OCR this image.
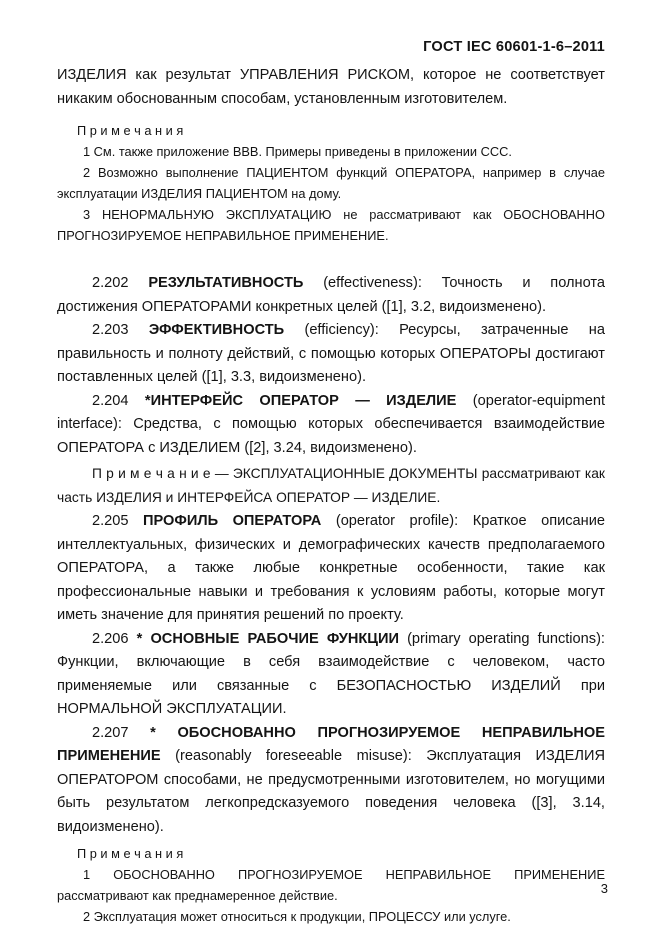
ГОСТ IEC 60601-1-6–2011

ИЗДЕЛИЯ как результат УПРАВЛЕНИЯ РИСКОМ, которое не соответствует никаким обоснованным способам, установленным изготовителем.

П р и м е ч а н и я

1 См. также приложение ВВВ. Примеры приведены в приложении ССС.

2 Возможно выполнение ПАЦИЕНТОМ функций ОПЕРАТОРА, например в случае эксплуатации ИЗДЕЛИЯ ПАЦИЕНТОМ на дому.

3 НЕНОРМАЛЬНУЮ ЭКСПЛУАТАЦИЮ не рассматривают как ОБОСНОВАННО ПРОГНОЗИРУЕМОЕ НЕПРАВИЛЬНОЕ ПРИМЕНЕНИЕ.

2.202 РЕЗУЛЬТАТИВНОСТЬ (effectiveness): Точность и полнота достижения ОПЕРАТОРАМИ конкретных целей ([1], 3.2, видоизменено).

2.203 ЭФФЕКТИВНОСТЬ (efficiency): Ресурсы, затраченные на правильность и полноту действий, с помощью которых ОПЕРАТОРЫ достигают поставленных целей ([1], 3.3, видоизменено).

2.204 *ИНТЕРФЕЙС ОПЕРАТОР — ИЗДЕЛИЕ (operator-equipment interface): Средства, с помощью которых обеспечивается взаимодействие ОПЕРАТОРА с ИЗДЕЛИЕМ ([2], 3.24, видоизменено).

П р и м е ч а н и е — ЭКСПЛУАТАЦИОННЫЕ ДОКУМЕНТЫ рассматривают как часть ИЗДЕЛИЯ и ИНТЕРФЕЙСА ОПЕРАТОР — ИЗДЕЛИЕ.

2.205 ПРОФИЛЬ ОПЕРАТОРА (operator profile): Краткое описание интеллектуальных, физических и демографических качеств предполагаемого ОПЕРАТОРА, а также любые конкретные особенности, такие как профессиональные навыки и требования к условиям работы, которые могут иметь значение для принятия решений по проекту.

2.206 * ОСНОВНЫЕ РАБОЧИЕ ФУНКЦИИ (primary operating functions): Функции, включающие в себя взаимодействие с человеком, часто применяемые или связанные с БЕЗОПАСНОСТЬЮ ИЗДЕЛИЙ при НОРМАЛЬНОЙ ЭКСПЛУАТАЦИИ.

2.207 * ОБОСНОВАННО ПРОГНОЗИРУЕМОЕ НЕПРАВИЛЬНОЕ ПРИМЕНЕНИЕ (reasonably foreseeable misuse): Эксплуатация ИЗДЕЛИЯ ОПЕРАТОРОМ способами, не предусмотренными изготовителем, но могущими быть результатом легкопредсказуемого поведения человека ([3], 3.14, видоизменено).

П р и м е ч а н и я

1 ОБОСНОВАННО ПРОГНОЗИРУЕМОЕ НЕПРАВИЛЬНОЕ ПРИМЕНЕНИЕ рассматривают как преднамеренное действие.

2 Эксплуатация может относиться к продукции, ПРОЦЕССУ или услуге.

3
